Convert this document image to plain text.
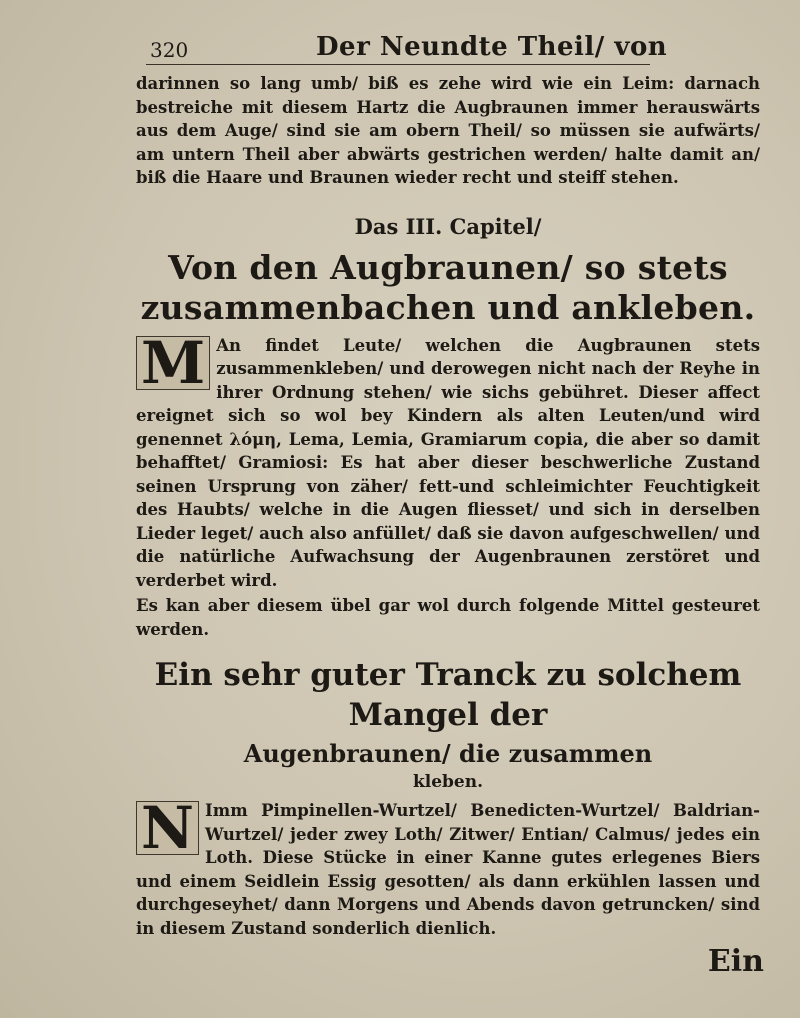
320	Der Neundte Theil/ von

darinnen so lang umb/ biß es zehe wird wie ein Leim: darnach bestreiche mit diesem Hartz die Augbraunen immer herauswärts aus dem Auge/ sind sie am obern Theil/ so müssen sie aufwärts/ am untern Theil aber abwärts gestrichen werden/ halte damit an/ biß die Haare und Braunen wieder recht und steiff stehen.

Das III. Capitel/

Von den Augbraunen/ so stets zusammenbachen und ankleben.

M An findet Leute/ welchen die Augbraunen stets zusammenkleben/ und derowegen nicht nach der Reyhe in ihrer Ordnung stehen/ wie sichs gebühret. Dieser affect ereignet sich so wol bey Kindern als alten Leuten/und wird genennet λόμη, Lema, Lemia, Gramiarum copia, die aber so damit behafftet/ Gramiosi: Es hat aber dieser beschwerliche Zustand seinen Ursprung von zäher/ fett-und schleimichter Feuchtigkeit des Haubts/ welche in die Augen fliesset/ und sich in derselben Lieder leget/ auch also anfüllet/ daß sie davon aufgeschwellen/ und die natürliche Aufwachsung der Augenbraunen zerstöret und verderbet wird.

Es kan aber diesem übel gar wol durch folgende Mittel gesteuret werden.

Ein sehr guter Tranck zu solchem Mangel der

Augenbraunen/ die zusammen

kleben.

N Imm Pimpinellen-Wurtzel/ Benedicten-Wurtzel/ Baldrian-Wurtzel/ jeder zwey Loth/ Zitwer/ Entian/ Calmus/ jedes ein Loth. Diese Stücke in einer Kanne gutes erlegenes Biers und einem Seidlein Essig gesotten/ als dann erkühlen lassen und durchgeseyhet/ dann Morgens und Abends davon getruncken/ sind in diesem Zustand sonderlich dienlich.

Ein
